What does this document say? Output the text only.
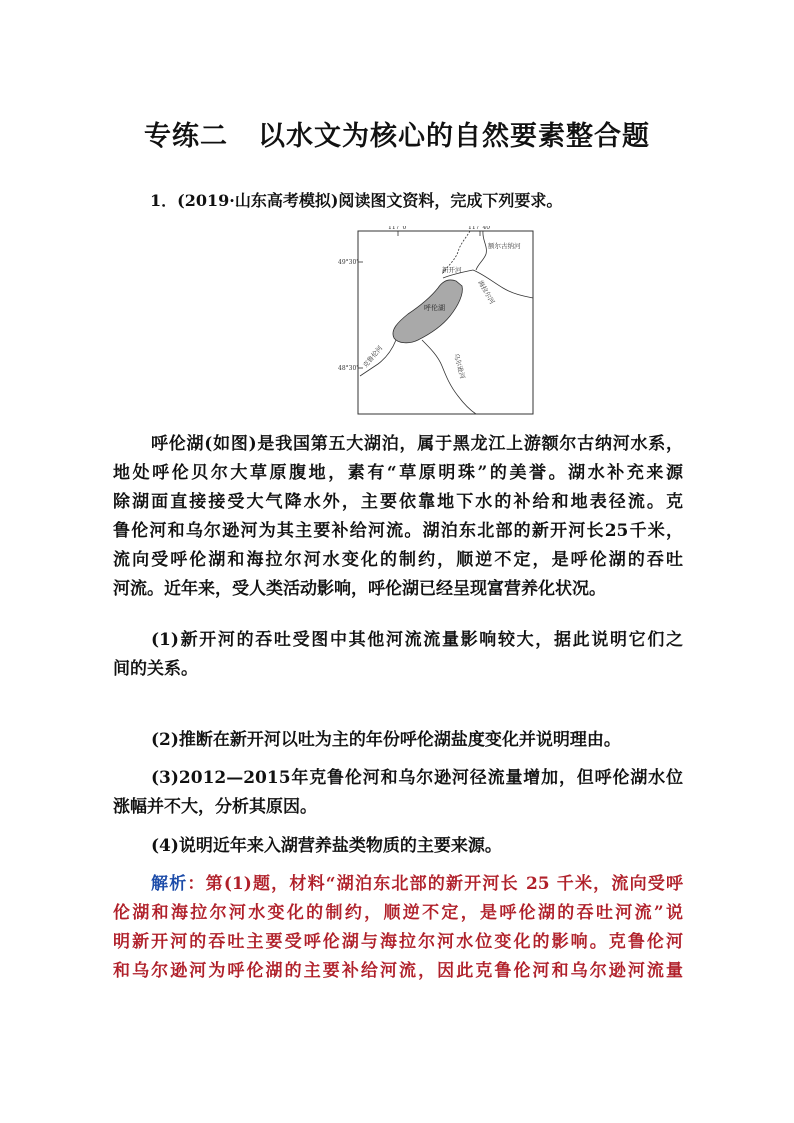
专练二 以水文为核心的自然要素整合题
1．(2019·山东高考模拟)阅读图文资料，完成下列要求。
117°0'	117°40'
49°30'
48°30'
额尔古纳河
新开河
海拉尔河
呼伦湖
克鲁伦河	乌尔逊河
呼伦湖(如图)是我国第五大湖泊，属于黑龙江上游额尔古纳河水系，
地处呼伦贝尔大草原腹地，素有“草原明珠”的美誉。湖水补充来源
除湖面直接接受大气降水外，主要依靠地下水的补给和地表径流。克
鲁伦河和乌尔逊河为其主要补给河流。湖泊东北部的新开河长25千米，
流向受呼伦湖和海拉尔河水变化的制约，顺逆不定，是呼伦湖的吞吐
河流。近年来，受人类活动影响，呼伦湖已经呈现富营养化状况。
(1)新开河的吞吐受图中其他河流流量影响较大，据此说明它们之
间的关系。
(2)推断在新开河以吐为主的年份呼伦湖盐度变化并说明理由。
(3)2012—2015年克鲁伦河和乌尔逊河径流量增加，但呼伦湖水位
涨幅并不大，分析其原因。
(4)说明近年来入湖营养盐类物质的主要来源。
解析：第(1)题，材料“湖泊东北部的新开河长 25 千米，流向受呼
伦湖和海拉尔河水变化的制约，顺逆不定，是呼伦湖的吞吐河流”说
明新开河的吞吐主要受呼伦湖与海拉尔河水位变化的影响。克鲁伦河
和乌尔逊河为呼伦湖的主要补给河流，因此克鲁伦河和乌尔逊河流量
